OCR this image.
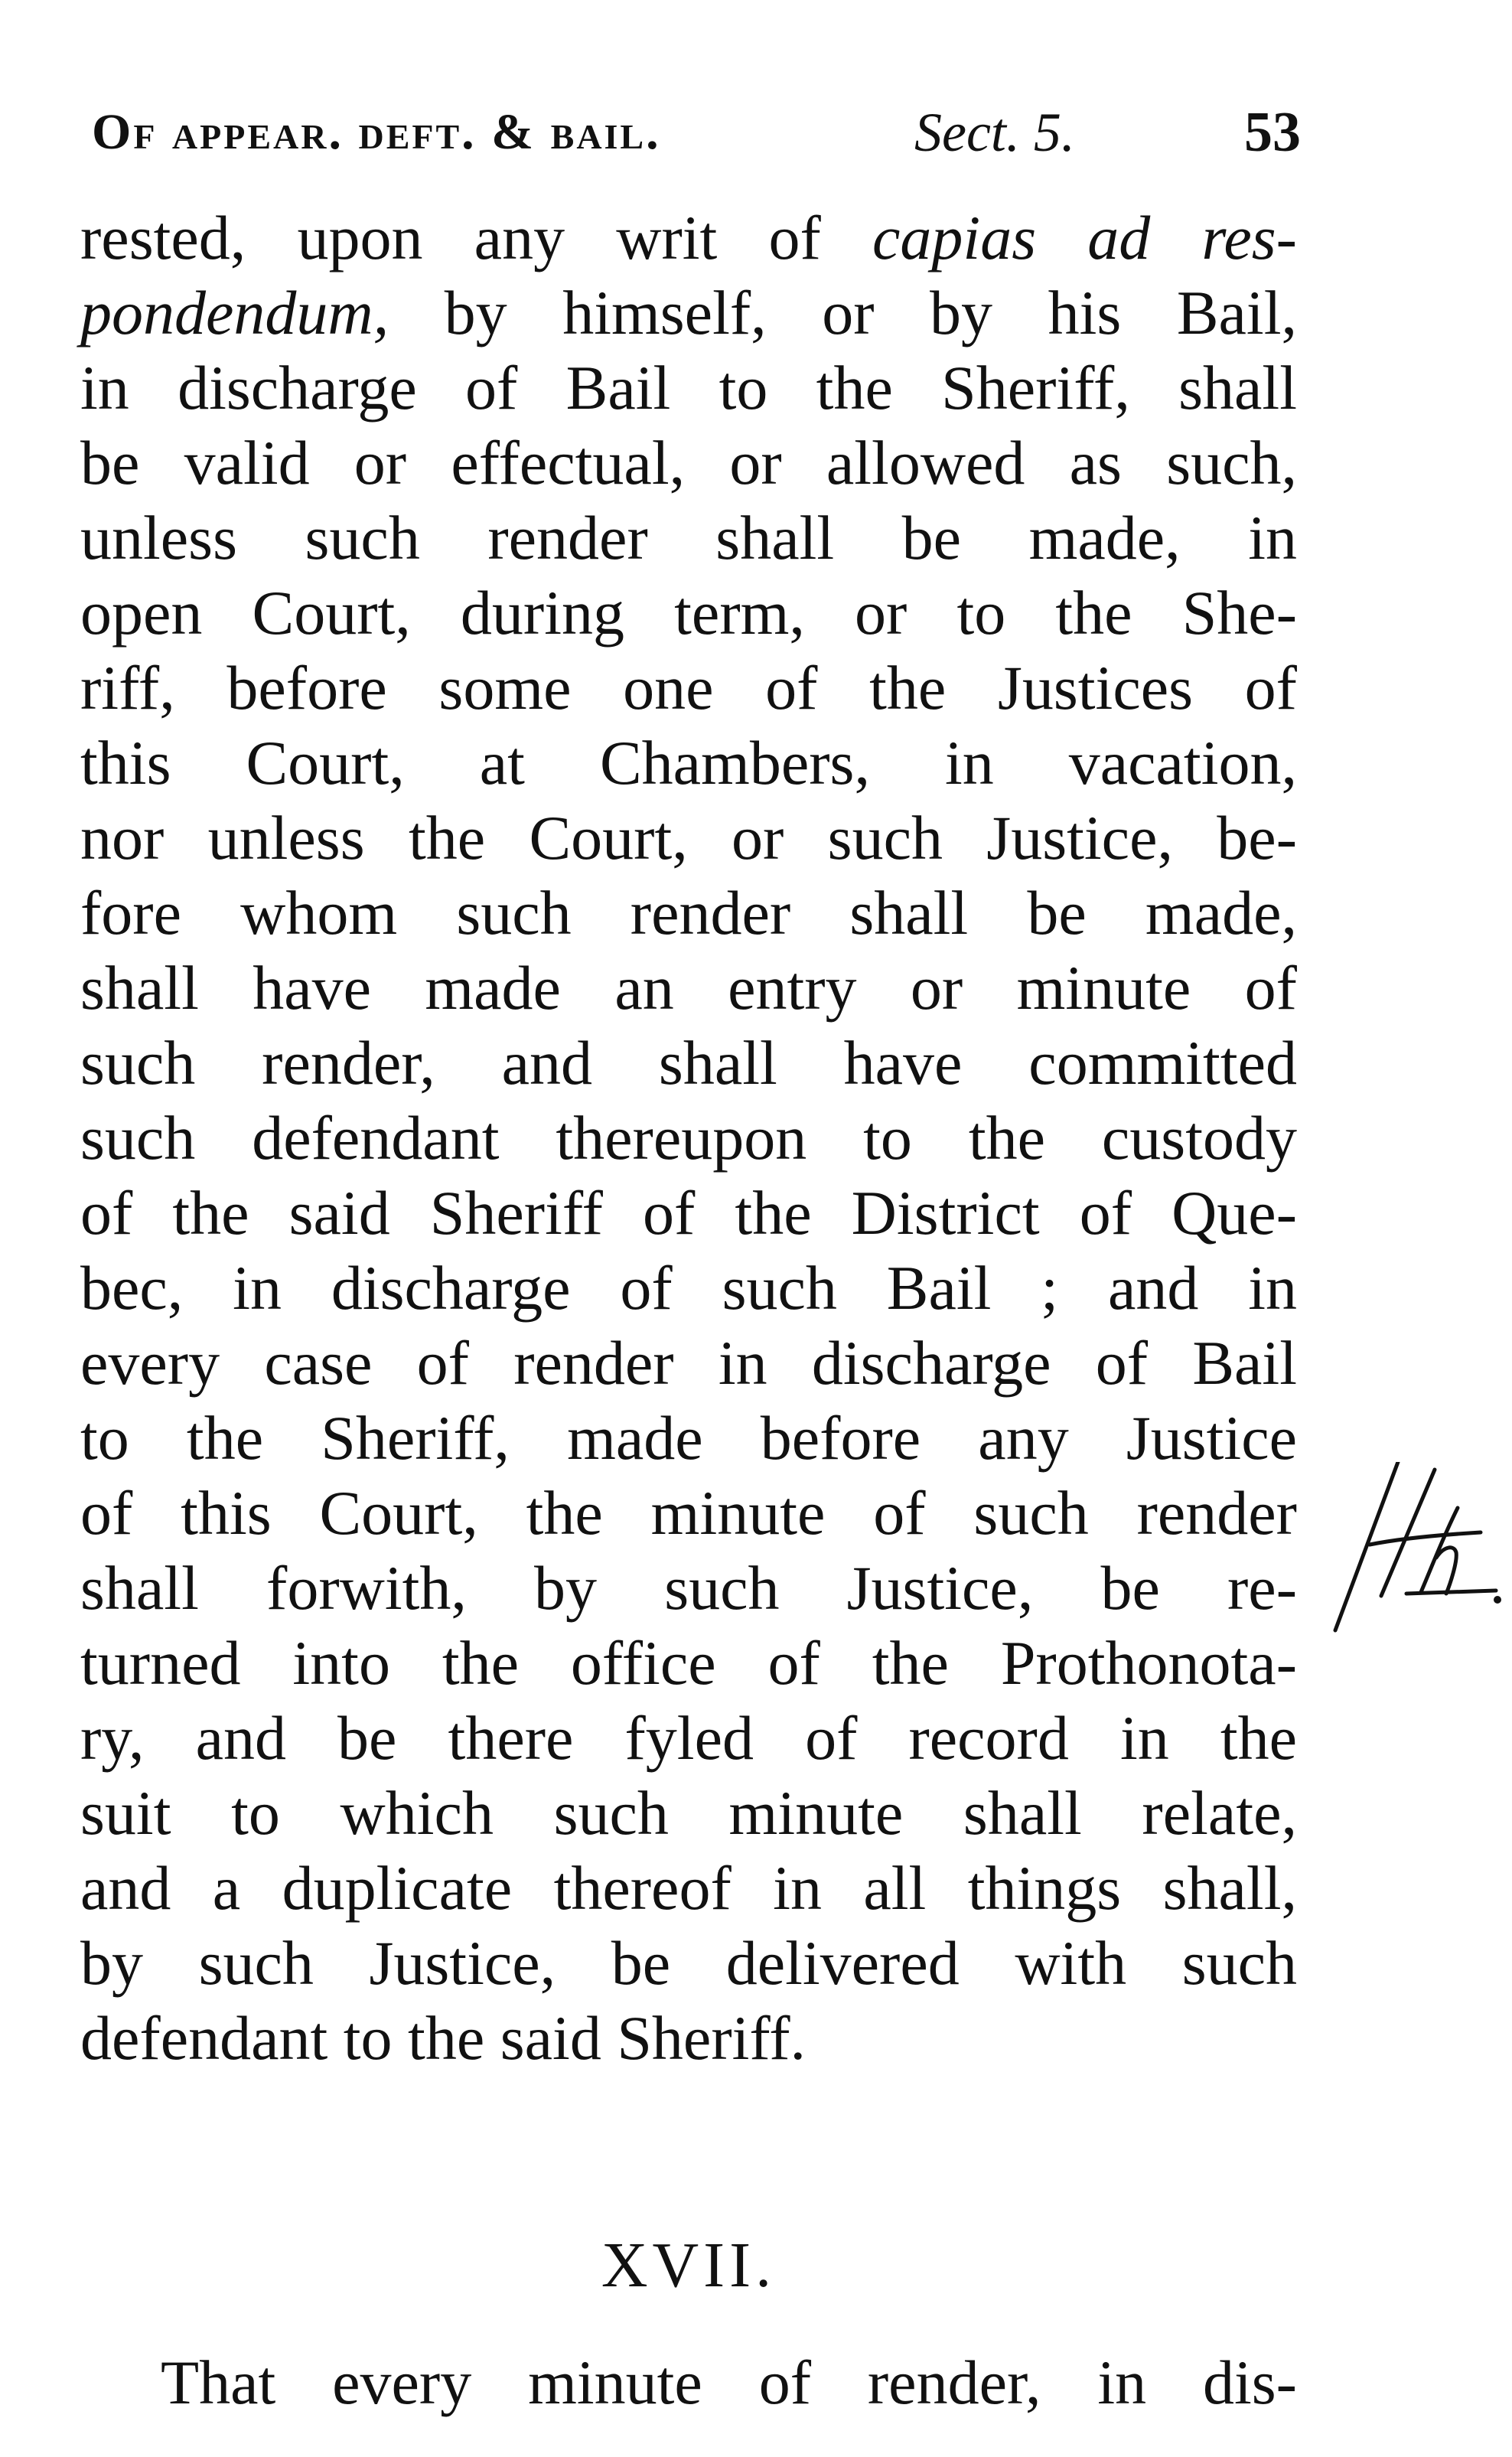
Of appear. deft. & bail.	Sect. 5.	53
rested, upon any writ of capias ad res-
pondendum, by himself, or by his Bail,
in discharge of Bail to the Sheriff, shall
be valid or effectual, or allowed as such,
unless such render shall be made, in
open Court, during term, or to the She-
riff, before some one of the Justices of
this Court, at Chambers, in vacation,
nor unless the Court, or such Justice, be-
fore whom such render shall be made,
shall have made an entry or minute of
such render, and shall have committed
such defendant thereupon to the custody
of the said Sheriff of the District of Que-
bec, in discharge of such Bail ; and in
every case of render in discharge of Bail
to the Sheriff, made before any Justice
of this Court, the minute of such render
shall forwith, by such Justice, be re-
turned into the office of the Prothonota-
ry, and be there fyled of record in the
suit to which such minute shall relate,
and a duplicate thereof in all things shall,
by such Justice, be delivered with such
defendant to the said Sheriff.
XVII.
That every minute of render, in dis-
